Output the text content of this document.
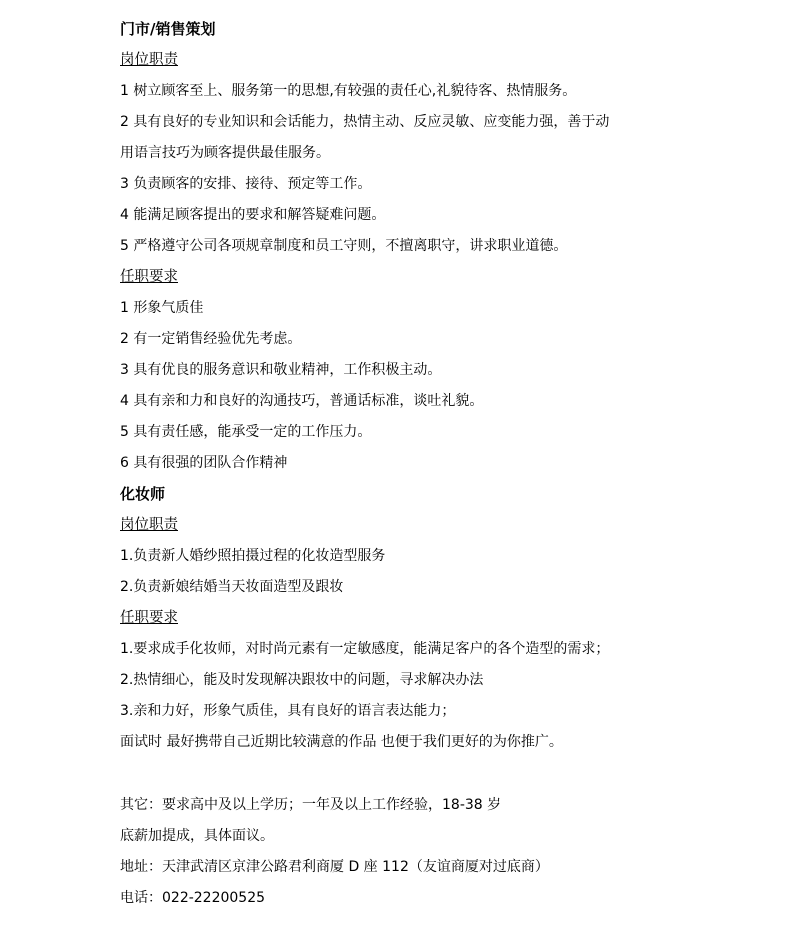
门市/销售策划
岗位职责
1 树立顾客至上、服务第一的思想,有较强的责任心,礼貌待客、热情服务。
2 具有良好的专业知识和会话能力，热情主动、反应灵敏、应变能力强，善于动
用语言技巧为顾客提供最佳服务。
3 负责顾客的安排、接待、预定等工作。
4 能满足顾客提出的要求和解答疑难问题。
5 严格遵守公司各项规章制度和员工守则，不擅离职守，讲求职业道德。
任职要求
1 形象气质佳
2 有一定销售经验优先考虑。
3 具有优良的服务意识和敬业精神，工作积极主动。
4 具有亲和力和良好的沟通技巧，普通话标准，谈吐礼貌。
5 具有责任感，能承受一定的工作压力。
6 具有很强的团队合作精神
化妆师
岗位职责
1.负责新人婚纱照拍摄过程的化妆造型服务
2.负责新娘结婚当天妆面造型及跟妆
任职要求
1.要求成手化妆师，对时尚元素有一定敏感度，能满足客户的各个造型的需求；
2.热情细心，能及时发现解决跟妆中的问题，寻求解决办法
3.亲和力好，形象气质佳，具有良好的语言表达能力；
面试时 最好携带自己近期比较满意的作品 也便于我们更好的为你推广。
其它：要求高中及以上学历；一年及以上工作经验，18-38 岁
底薪加提成，具体面议。
地址：天津武清区京津公路君利商厦 D 座 112（友谊商厦对过底商）
电话：022-22200525
